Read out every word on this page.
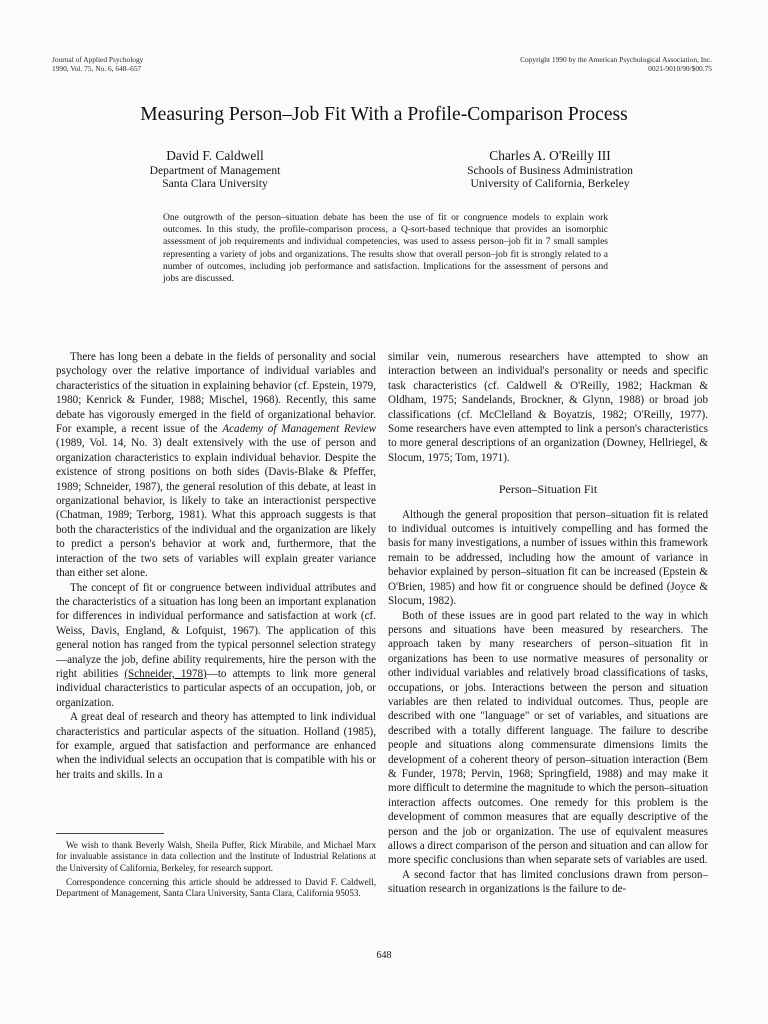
Journal of Applied Psychology
1990, Vol. 75, No. 6, 648–657
Copyright 1990 by the American Psychological Association, Inc.
0021-9010/90/$00.75
Measuring Person–Job Fit With a Profile-Comparison Process
David F. Caldwell
Department of Management
Santa Clara University
Charles A. O'Reilly III
Schools of Business Administration
University of California, Berkeley
One outgrowth of the person–situation debate has been the use of fit or congruence models to explain work outcomes. In this study, the profile-comparison process, a Q-sort-based technique that provides an isomorphic assessment of job requirements and individual competencies, was used to assess person–job fit in 7 small samples representing a variety of jobs and organizations. The results show that overall person–job fit is strongly related to a number of outcomes, including job performance and satisfaction. Implications for the assessment of persons and jobs are discussed.

There has long been a debate in the fields of personality and social psychology over the relative importance of individual variables and characteristics of the situation in explaining behavior (cf. Epstein, 1979, 1980; Kenrick & Funder, 1988; Mischel, 1968). Recently, this same debate has vigorously emerged in the field of organizational behavior. For example, a recent issue of the Academy of Management Review (1989, Vol. 14, No. 3) dealt extensively with the use of person and organization characteristics to explain individual behavior. Despite the existence of strong positions on both sides (Davis-Blake & Pfeffer, 1989; Schneider, 1987), the general resolution of this debate, at least in organizational behavior, is likely to take an interactionist perspective (Chatman, 1989; Terborg, 1981). What this approach suggests is that both the characteristics of the individual and the organization are likely to predict a person's behavior at work and, furthermore, that the interaction of the two sets of variables will explain greater variance than either set alone.

The concept of fit or congruence between individual attributes and the characteristics of a situation has long been an important explanation for differences in individual performance and satisfaction at work (cf. Weiss, Davis, England, & Lofquist, 1967). The application of this general notion has ranged from the typical personnel selection strategy—analyze the job, define ability requirements, hire the person with the right abilities (Schneider, 1978)—to attempts to link more general individual characteristics to particular aspects of an occupation, job, or organization.

A great deal of research and theory has attempted to link individual characteristics and particular aspects of the situation. Holland (1985), for example, argued that satisfaction and performance are enhanced when the individual selects an occupation that is compatible with his or her traits and skills. In a

similar vein, numerous researchers have attempted to show an interaction between an individual's personality or needs and specific task characteristics (cf. Caldwell & O'Reilly, 1982; Hackman & Oldham, 1975; Sandelands, Brockner, & Glynn, 1988) or broad job classifications (cf. McClelland & Boyatzis, 1982; O'Reilly, 1977). Some researchers have even attempted to link a person's characteristics to more general descriptions of an organization (Downey, Hellriegel, & Slocum, 1975; Tom, 1971).

Person–Situation Fit

Although the general proposition that person–situation fit is related to individual outcomes is intuitively compelling and has formed the basis for many investigations, a number of issues within this framework remain to be addressed, including how the amount of variance in behavior explained by person–situation fit can be increased (Epstein & O'Brien, 1985) and how fit or congruence should be defined (Joyce & Slocum, 1982).

Both of these issues are in good part related to the way in which persons and situations have been measured by researchers. The approach taken by many researchers of person–situation fit in organizations has been to use normative measures of personality or other individual variables and relatively broad classifications of tasks, occupations, or jobs. Interactions between the person and situation variables are then related to individual outcomes. Thus, people are described with one "language" or set of variables, and situations are described with a totally different language. The failure to describe people and situations along commensurate dimensions limits the development of a coherent theory of person–situation interaction (Bem & Funder, 1978; Pervin, 1968; Springfield, 1988) and may make it more difficult to determine the magnitude to which the person–situation interaction affects outcomes. One remedy for this problem is the development of common measures that are equally descriptive of the person and the job or organization. The use of equivalent measures allows a direct comparison of the person and situation and can allow for more specific conclusions than when separate sets of variables are used.

A second factor that has limited conclusions drawn from person–situation research in organizations is the failure to de-

We wish to thank Beverly Walsh, Sheila Puffer, Rick Mirabile, and Michael Marx for invaluable assistance in data collection and the Institute of Industrial Relations at the University of California, Berkeley, for research support.

Correspondence concerning this article should be addressed to David F. Caldwell, Department of Management, Santa Clara University, Santa Clara, California 95053.

648
